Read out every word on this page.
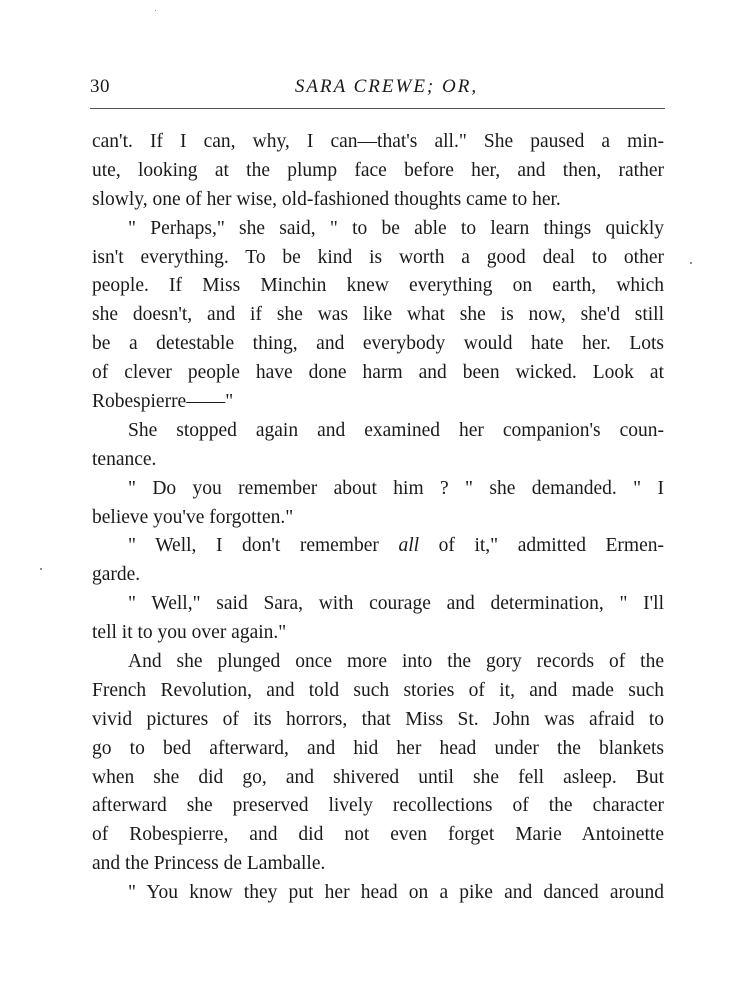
30	SARA CREWE; OR,
can't. If I can, why, I can—that's all." She paused a min-
ute, looking at the plump face before her, and then, rather
slowly, one of her wise, old-fashioned thoughts came to her.
" Perhaps," she said, " to be able to learn things quickly
isn't everything. To be kind is worth a good deal to other
people. If Miss Minchin knew everything on earth, which
she doesn't, and if she was like what she is now, she'd still
be a detestable thing, and everybody would hate her. Lots
of clever people have done harm and been wicked. Look at
Robespierre——"
She stopped again and examined her companion's coun-
tenance.
" Do you remember about him ? " she demanded. " I
believe you've forgotten."
" Well, I don't remember all of it," admitted Ermen-
garde.
" Well," said Sara, with courage and determination, " I'll
tell it to you over again."
And she plunged once more into the gory records of the
French Revolution, and told such stories of it, and made such
vivid pictures of its horrors, that Miss St. John was afraid to
go to bed afterward, and hid her head under the blankets
when she did go, and shivered until she fell asleep. But
afterward she preserved lively recollections of the character
of Robespierre, and did not even forget Marie Antoinette
and the Princess de Lamballe.
" You know they put her head on a pike and danced around
